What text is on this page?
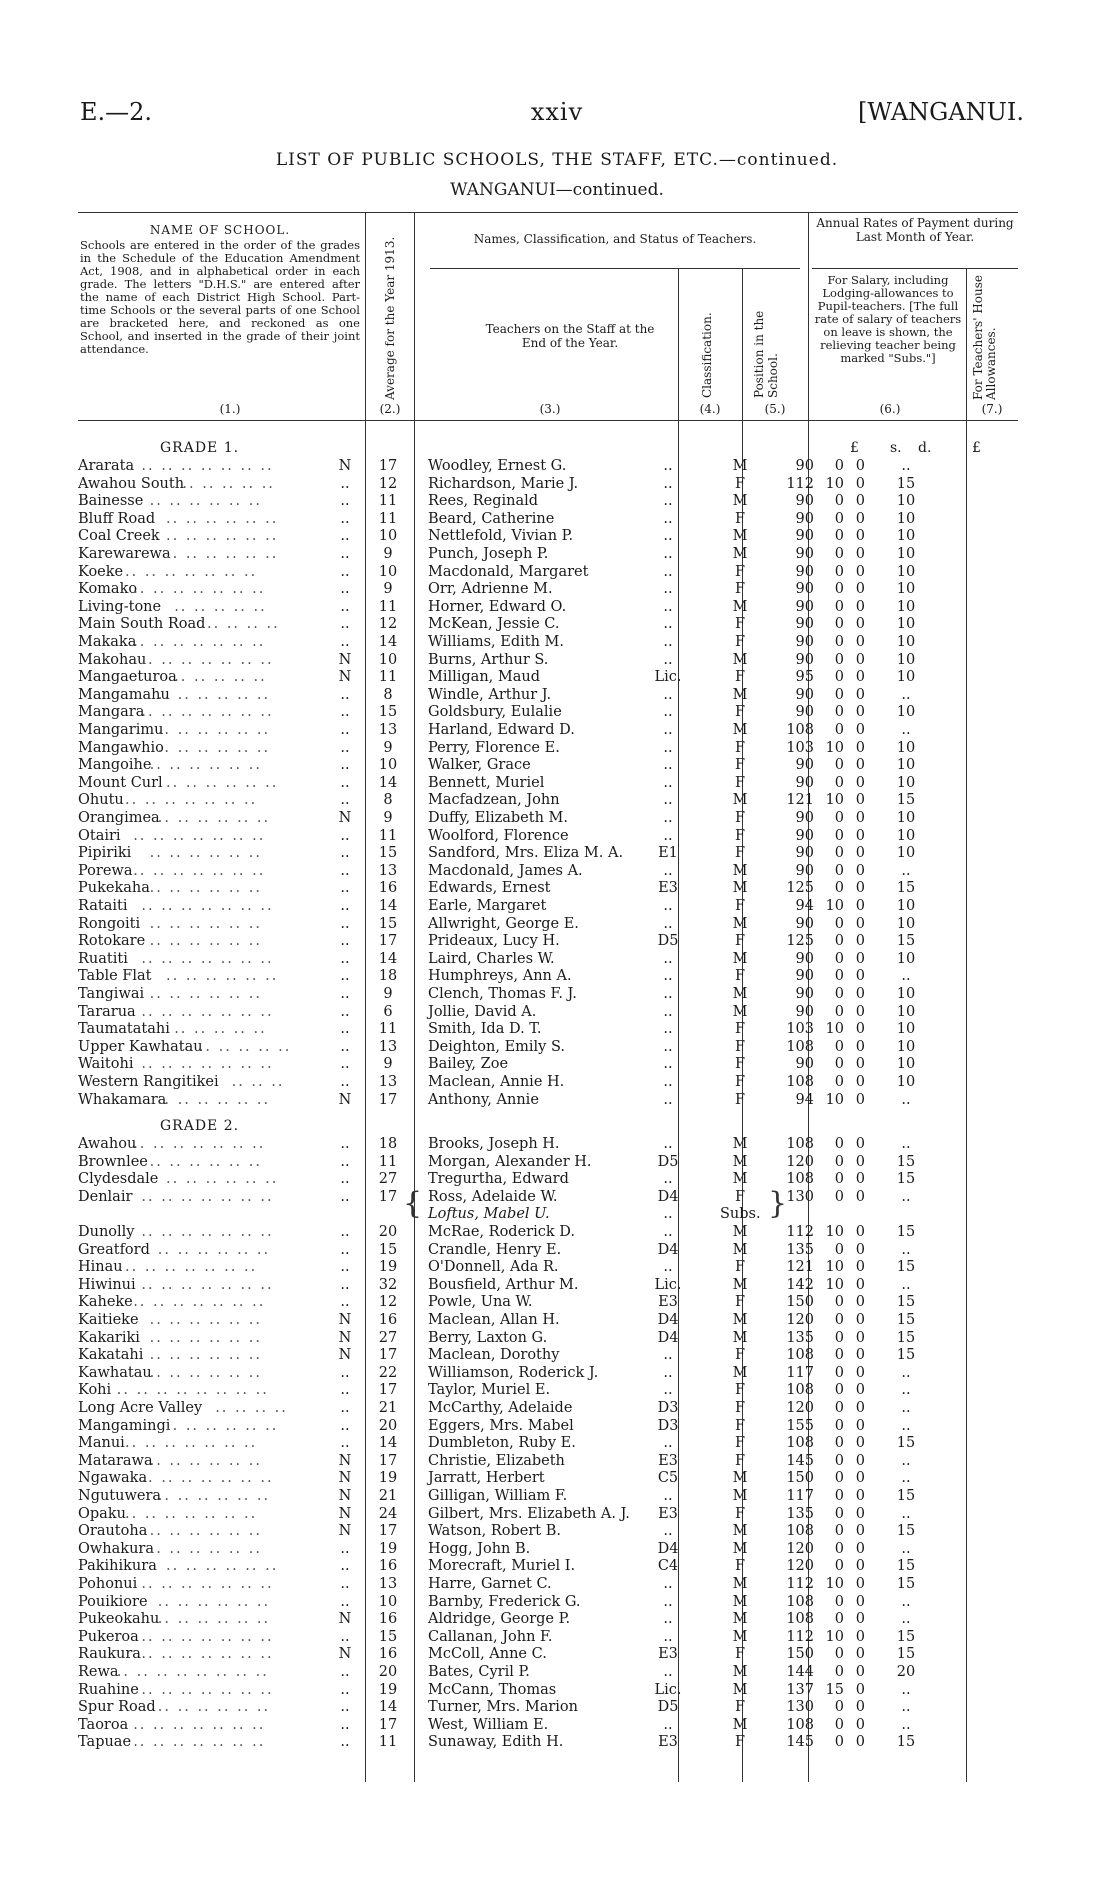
E.—2.	xxiv	[WANGANUI.
LIST OF PUBLIC SCHOOLS, THE STAFF, ETC.—continued.
WANGANUI—continued.
NAME OF SCHOOL.
Schools are entered in the order of the grades in the Schedule of the Education Amendment Act, 1908, and in alphabetical order in each grade. The letters "D.H.S." are entered after the name of each District High School. Part-time Schools or the several parts of one School are bracketed here, and reckoned as one School, and inserted in the grade of their joint attendance.	Average for the Year 1913.	Names, Classification, and Status of Teachers.
Teachers on the Staff at the End of the Year.	Classification.	Position in the School.
Annual Rates of Payment during Last Month of Year.
For Salary, including Lodging-allowances to Pupil-teachers. [The full rate of salary of teachers on leave is shown, the relieving teacher being marked "Subs."]	For Teachers' House Allowances.
(1.)	(2.)	(3.)	(4.)	(5.)	(6.)	(7.)
£ s. d.	£
GRADE 1.
Ararata	N	17	Woodley, Ernest G.	..	M	90	0 0	..
.. .. .. .. .. .. ..
Awahou South	..	12	Richardson, Marie J.	..	F	112 10 0	15
.. .. .. .. ..
Bainesse	..	11	Rees, Reginald	..	M	90	0 0	10
.. .. .. .. .. ..
Bluff Road	..	11	Beard, Catherine	..	F	90	0 0	10
.. .. .. .. .. ..
Coal Creek	..	10	Nettlefold, Vivian P.	..	M	90	0 0	10
.. .. .. .. .. ..
Karewarewa	..	9	Punch, Joseph P.	..	M	90	0 0	10
.. .. .. .. .. ..
Koeke	..	10	Macdonald, Margaret	..	F	90	0 0	10
.. .. .. .. .. .. ..
Komako	..	9	Orr, Adrienne M.	..	F	90	0 0	10
.. .. .. .. .. .. ..
Living-tone	..	11	Horner, Edward O.	..	M	90	0 0	10
.. .. .. .. ..
Main South Road	..	12	McKean, Jessie C.	..	F	90	0 0	10
.. .. .. ..
Makaka	..	14	Williams, Edith M.	..	F	90	0 0	10
.. .. .. .. .. .. ..
Makohau	N	10	Burns, Arthur S.	..	M	90	0 0	10
.. .. .. .. .. .. ..
Mangaeturoa	N	11	Milligan, Maud	Lic.	F	95	0 0	10
.. .. .. .. ..
Mangamahu	..	8	Windle, Arthur J.	..	M	90	0 0	..
.. .. .. .. .. ..
Mangara	..	15	Goldsbury, Eulalie	..	F	90	0 0	10
.. .. .. .. .. .. ..
Mangarimu	..	13	Harland, Edward D.	..	M	108	0 0	..
.. .. .. .. .. ..
Mangawhio	..	9	Perry, Florence E.	..	F	103 10 0	10
.. .. .. .. .. ..
Mangoihe	..	10	Walker, Grace	..	F	90	0 0	10
.. .. .. .. .. ..
Mount Curl	..	14	Bennett, Muriel	..	F	90	0 0	10
.. .. .. .. .. ..
Ohutu	..	8	Macfadzean, John	..	M	121 10 0	15
.. .. .. .. .. .. ..
Orangimea	N	9	Duffy, Elizabeth M.	..	F	90	0 0	10
.. .. .. .. .. ..
Otairi	..	11	Woolford, Florence	..	F	90	0 0	10
.. .. .. .. .. .. ..
Pipiriki	..	15	Sandford, Mrs. Eliza M. A.	E1	F	90	0 0	10
.. .. .. .. .. ..
Porewa	..	13	Macdonald, James A.	..	M	90	0 0	..
.. .. .. .. .. .. ..
Pukekaha	..	16	Edwards, Ernest	E3	M	125	0 0	15
.. .. .. .. .. ..
Rataiti	..	14	Earle, Margaret	..	F	94 10 0	10
.. .. .. .. .. .. ..
Rongoiti	..	15	Allwright, George E.	..	M	90	0 0	10
.. .. .. .. .. ..
Rotokare	..	17	Prideaux, Lucy H.	D5	F	125	0 0	15
.. .. .. .. .. ..
Ruatiti	..	14	Laird, Charles W.	..	M	90	0 0	10
.. .. .. .. .. .. ..
Table Flat	..	18	Humphreys, Ann A.	..	F	90	0 0	..
.. .. .. .. .. ..
Tangiwai	..	9	Clench, Thomas F. J.	..	M	90	0 0	10
.. .. .. .. .. ..
Tararua	..	6	Jollie, David A.	..	M	90	0 0	10
.. .. .. .. .. .. ..
Taumatatahi	..	11	Smith, Ida D. T.	..	F	103 10 0	10
.. .. .. .. ..
Upper Kawhatau	..	13	Deighton, Emily S.	..	F	108	0 0	10
.. .. .. .. ..
Waitohi	..	9	Bailey, Zoe	..	F	90	0 0	10
.. .. .. .. .. .. ..
Western Rangitikei	..	13	Maclean, Annie H.	..	F	108	0 0	10
.. .. ..
Whakamara	N	17	Anthony, Annie	..	F	94 10 0	..
.. .. .. .. .. ..
GRADE 2.
Awahou	..	18	Brooks, Joseph H.	..	M	108	0 0	..
.. .. .. .. .. .. ..
Brownlee	..	11	Morgan, Alexander H.	D5	M	120	0 0	15
.. .. .. .. .. ..
Clydesdale	..	27	Tregurtha, Edward	..	M	108	0 0	15
.. .. .. .. .. ..
Denlair	..	17	Ross, Adelaide W.	D4	F	130	0 0	..
.. .. .. .. .. .. ..	{	}
Loftus, Mabel U.	..	Subs.
Dunolly	..	20	McRae, Roderick D.	..	M	112 10 0	15
.. .. .. .. .. .. ..
Greatford	..	15	Crandle, Henry E.	D4	M	135	0 0	..
.. .. .. .. .. ..
Hinau	..	19	O'Donnell, Ada R.	..	F	121 10 0	15
.. .. .. .. .. .. ..
Hiwinui	..	32	Bousfield, Arthur M.	Lic.	M	142 10 0	..
.. .. .. .. .. .. ..
Kaheke	..	12	Powle, Una W.	E3	F	150	0 0	15
.. .. .. .. .. .. ..
Kaitieke	N	16	Maclean, Allan H.	D4	M	120	0 0	15
.. .. .. .. .. ..
Kakariki	N	27	Berry, Laxton G.	D4	M	135	0 0	15
.. .. .. .. .. ..
Kakatahi	N	17	Maclean, Dorothy	..	F	108	0 0	15
.. .. .. .. .. ..
Kawhatau	..	22	Williamson, Roderick J.	..	M	117	0 0	..
.. .. .. .. .. ..
Kohi	..	17	Taylor, Muriel E.	..	F	108	0 0	..
.. .. .. .. .. .. .. ..
Long Acre Valley	..	21	McCarthy, Adelaide	D3	F	120	0 0	..
.. .. .. ..
Mangamingi	..	20	Eggers, Mrs. Mabel	D3	F	155	0 0	..
.. .. .. .. .. ..
Manui	..	14	Dumbleton, Ruby E.	..	F	108	0 0	15
.. .. .. .. .. .. ..
Matarawa	N	17	Christie, Elizabeth	E3	F	145	0 0	..
.. .. .. .. .. ..
Ngawaka	N	19	Jarratt, Herbert	C5	M	150	0 0	..
.. .. .. .. .. .. ..
Ngutuwera	N	21	Gilligan, William F.	..	M	117	0 0	15
.. .. .. .. .. ..
Opaku	N	24	Gilbert, Mrs. Elizabeth A. J.	E3	F	135	0 0	..
.. .. .. .. .. .. ..
Orautoha	N	17	Watson, Robert B.	..	M	108	0 0	15
.. .. .. .. .. ..
Owhakura	..	19	Hogg, John B.	D4	M	120	0 0	..
.. .. .. .. .. ..
Pakihikura	..	16	Morecraft, Muriel I.	C4	F	120	0 0	15
.. .. .. .. .. ..
Pohonui	..	13	Harre, Garnet C.	..	M	112 10 0	15
.. .. .. .. .. .. ..
Pouikiore	..	10	Barnby, Frederick G.	..	M	108	0 0	..
.. .. .. .. .. ..
Pukeokahu	N	16	Aldridge, George P.	..	M	108	0 0	..
.. .. .. .. .. ..
Pukeroa	..	15	Callanan, John F.	..	M	112 10 0	15
.. .. .. .. .. .. ..
Raukura	N	16	McColl, Anne C.	E3	F	150	0 0	15
.. .. .. .. .. .. ..
Rewa	..	20	Bates, Cyril P.	..	M	144	0 0	20
.. .. .. .. .. .. .. ..
Ruahine	..	19	McCann, Thomas	Lic.	M	137 15 0	..
.. .. .. .. .. .. ..
Spur Road	..	14	Turner, Mrs. Marion	D5	F	130	0 0	..
.. .. .. .. .. ..
Taoroa	..	17	West, William E.	..	M	108	0 0	..
.. .. .. .. .. .. ..
Tapuae	..	11	Sunaway, Edith H.	E3	F	145	0 0	15
.. .. .. .. .. .. ..
